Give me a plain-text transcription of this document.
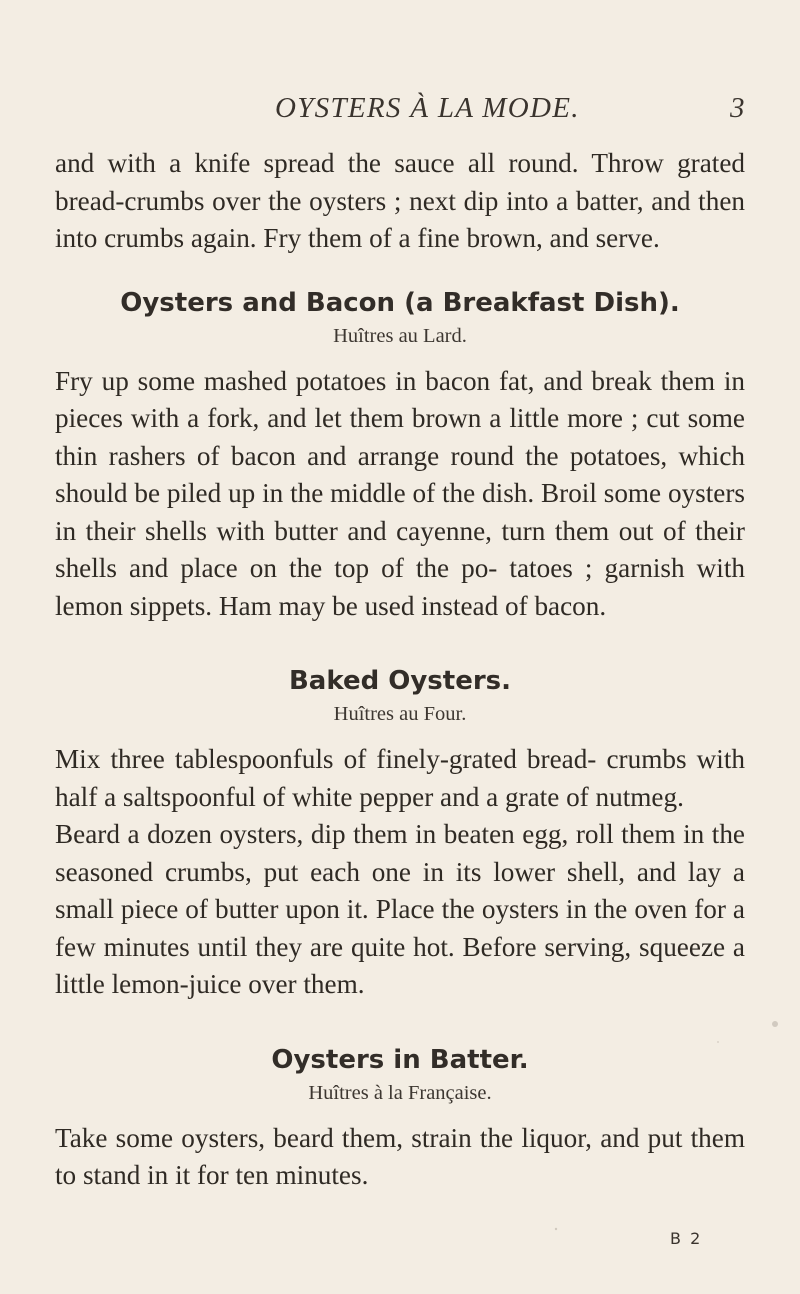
OYSTERS À LA MODE.	3

and with a knife spread the sauce all round. Throw grated bread-crumbs over the oysters ; next dip into a batter, and then into crumbs again. Fry them of a fine brown, and serve.

Oysters and Bacon (a Breakfast Dish).
Huîtres au Lard.

Fry up some mashed potatoes in bacon fat, and break them in pieces with a fork, and let them brown a little more ; cut some thin rashers of bacon and arrange round the potatoes, which should be piled up in the middle of the dish. Broil some oysters in their shells with butter and cayenne, turn them out of their shells and place on the top of the po- tatoes ; garnish with lemon sippets. Ham may be used instead of bacon.

Baked Oysters.
Huîtres au Four.

Mix three tablespoonfuls of finely-grated bread- crumbs with half a saltspoonful of white pepper and a grate of nutmeg.

Beard a dozen oysters, dip them in beaten egg, roll them in the seasoned crumbs, put each one in its lower shell, and lay a small piece of butter upon it. Place the oysters in the oven for a few minutes until they are quite hot. Before serving, squeeze a little lemon-juice over them.

Oysters in Batter.
Huîtres à la Française.

Take some oysters, beard them, strain the liquor, and put them to stand in it for ten minutes.

B 2
